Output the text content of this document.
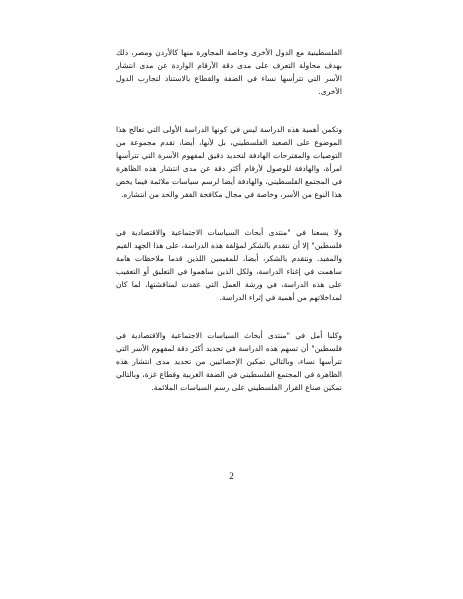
الفلسطينية مع الدول الأخرى وخاصة المجاورة منها كالأردن ومصر، ذلك بهدف محاولة التعرف على مدى دقة الأرقام الواردة عن مدى انتشار الأسر التي تترأسها نساء في الضفة والقطاع بالاستناد لتجارب الدول الأخرى.

وتكمن أهمية هذه الدراسة ليس في كونها الدراسة الأولى التي تعالج هذا الموضوع على الصعيد الفلسطيني، بل لأنها، أيضا، تقدم مجموعة من التوصيات والمقترحات الهادفة لتحديد دقيق لمفهوم الأسرة التي تترأسها امرأة، والهادفة للوصول لأرقام أكثر دقة عن مدى انتشار هذه الظاهرة في المجتمع الفلسطيني، والهادفة أيضا لرسم سياسات ملائمة فيما يخص هذا النوع من الأسر، وخاصة في مجال مكافحة الفقر والحد من انتشاره.

ولا يسعنا في "منتدى أبحاث السياسات الاجتماعية والاقتصادية في فلسطين" إلا أن نتقدم بالشكر لمؤلفة هذه الدراسة، على هذا الجهد القيم والمفيد. ونتقدم بالشكر، أيضا، للمقيمين اللذين قدما ملاحظات هامة ساهمت في إغناء الدراسة، ولكل الذين ساهموا في التعليق أو التعقيب على هذه الدراسة، في ورشة العمل التي عقدت لمناقشتها، لما كان لمداخلاتهم من أهمية في إثراء الدراسة.

وكلنا أمل في "منتدى أبحاث السياسات الاجتماعية والاقتصادية في فلسطين" أن تسهم هذه الدراسة في تحديد أكثر دقة لمفهوم الأسر التي تترأسها نساء، وبالتالي تمكين الإحصائيين من تحديد مدى انتشار هذه الظاهرة في المجتمع الفلسطيني في الضفة الغربية وقطاع غزة، وبالتالي تمكين صناع القرار الفلسطيني على رسم السياسات الملائمة.

2
